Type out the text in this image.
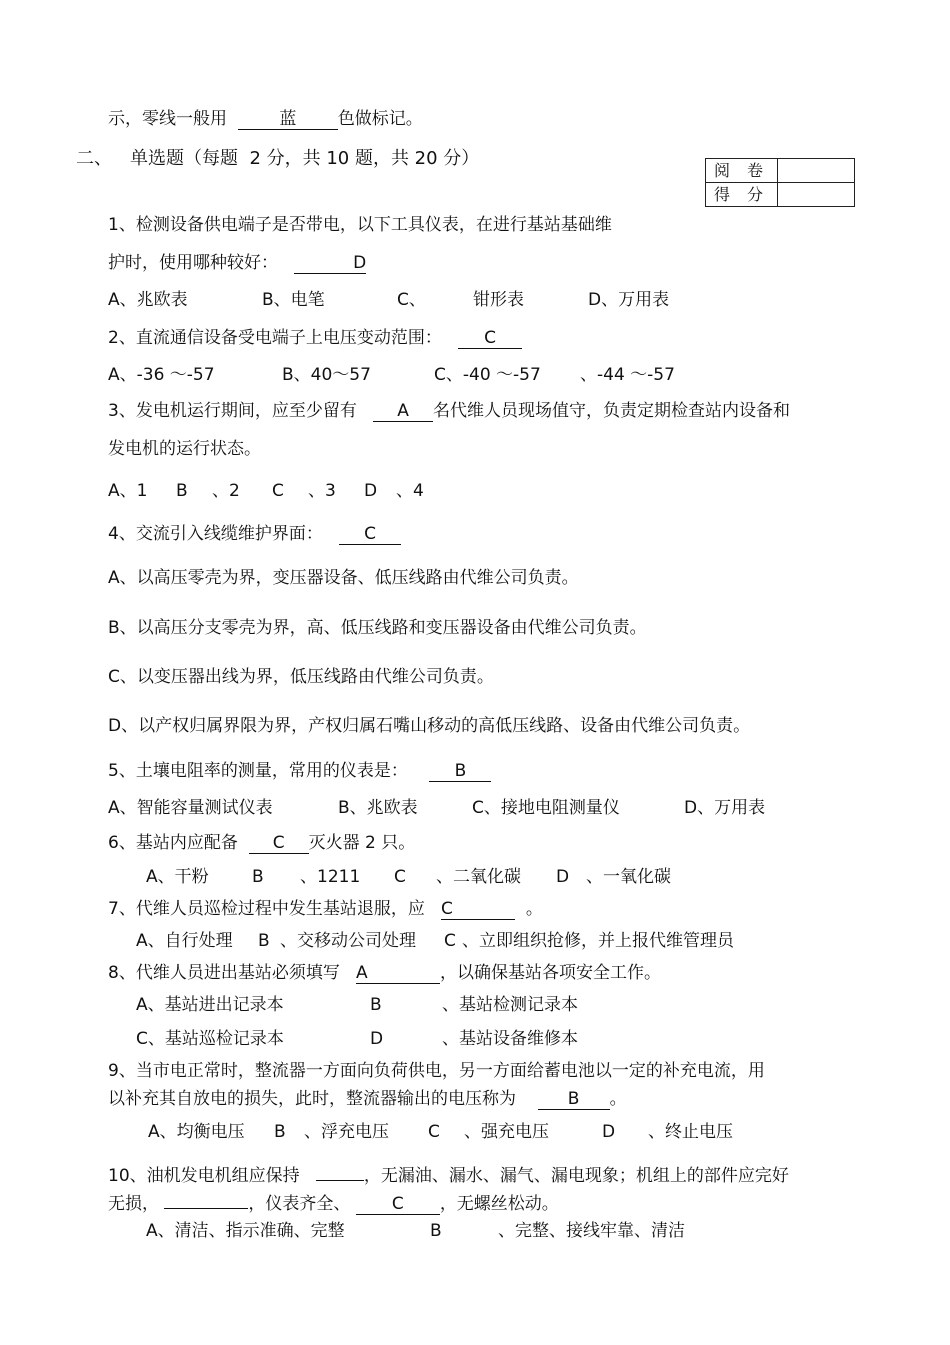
示，零线一般用	蓝 色做标记。
二、 单选题（每题  2 分，共 10 题，共 20 分）
阅 卷	
得 分	
1、检测设备供电端子是否带电，以下工具仪表，在进行基站基础维
护时，使用哪种较好：	D
A、兆欧表	B、电笔	C、	钳形表	D、万用表
2、直流通信设备受电端子上电压变动范围： C
A、-36 ～-57	B、40～57	C、-40 ～-57 、-44 ～-57
3、发电机运行期间，应至少留有 A 名代维人员现场值守，负责定期检查站内设备和
发电机的运行状态。
A、1 B 、2 C 、3 D 、4
4、交流引入线缆维护界面： C
A、以高压零壳为界，变压器设备、低压线路由代维公司负责。
B、以高压分支零壳为界，高、低压线路和变压器设备由代维公司负责。
C、以变压器出线为界，低压线路由代维公司负责。
D、以产权归属界限为界，产权归属石嘴山移动的高低压线路、设备由代维公司负责。
5、土壤电阻率的测量，常用的仪表是：	B
A、智能容量测试仪表	B、兆欧表	C、接地电阻测量仪	D、万用表
6、基站内应配备 C 灭火器 2 只。
A、干粉	B 、1211 C 、二氧化碳 D 、一氧化碳
7、代维人员巡检过程中发生基站退服，应 C	。
A、自行处理 B 、交移动公司处理 C 、立即组织抢修，并上报代维管理员
8、代维人员进出基站必须填写 A	，以确保基站各项安全工作。
A、基站进出记录本	B	、基站检测记录本
C、基站巡检记录本	D	、基站设备维修本
9、当市电正常时，整流器一方面向负荷供电，另一方面给蓄电池以一定的补充电流，用
以补充其自放电的损失，此时，整流器输出的电压称为	B 。
A、均衡电压 B 、浮充电压 C 、强充电压	D 、终止电压
10、油机发电机组应保持	，无漏油、漏水、漏气、漏电现象；机组上的部件应完好
无损，	，仪表齐全、 C ，无螺丝松动。
A、清洁、指示准确、完整	B	、完整、接线牢靠、清洁
